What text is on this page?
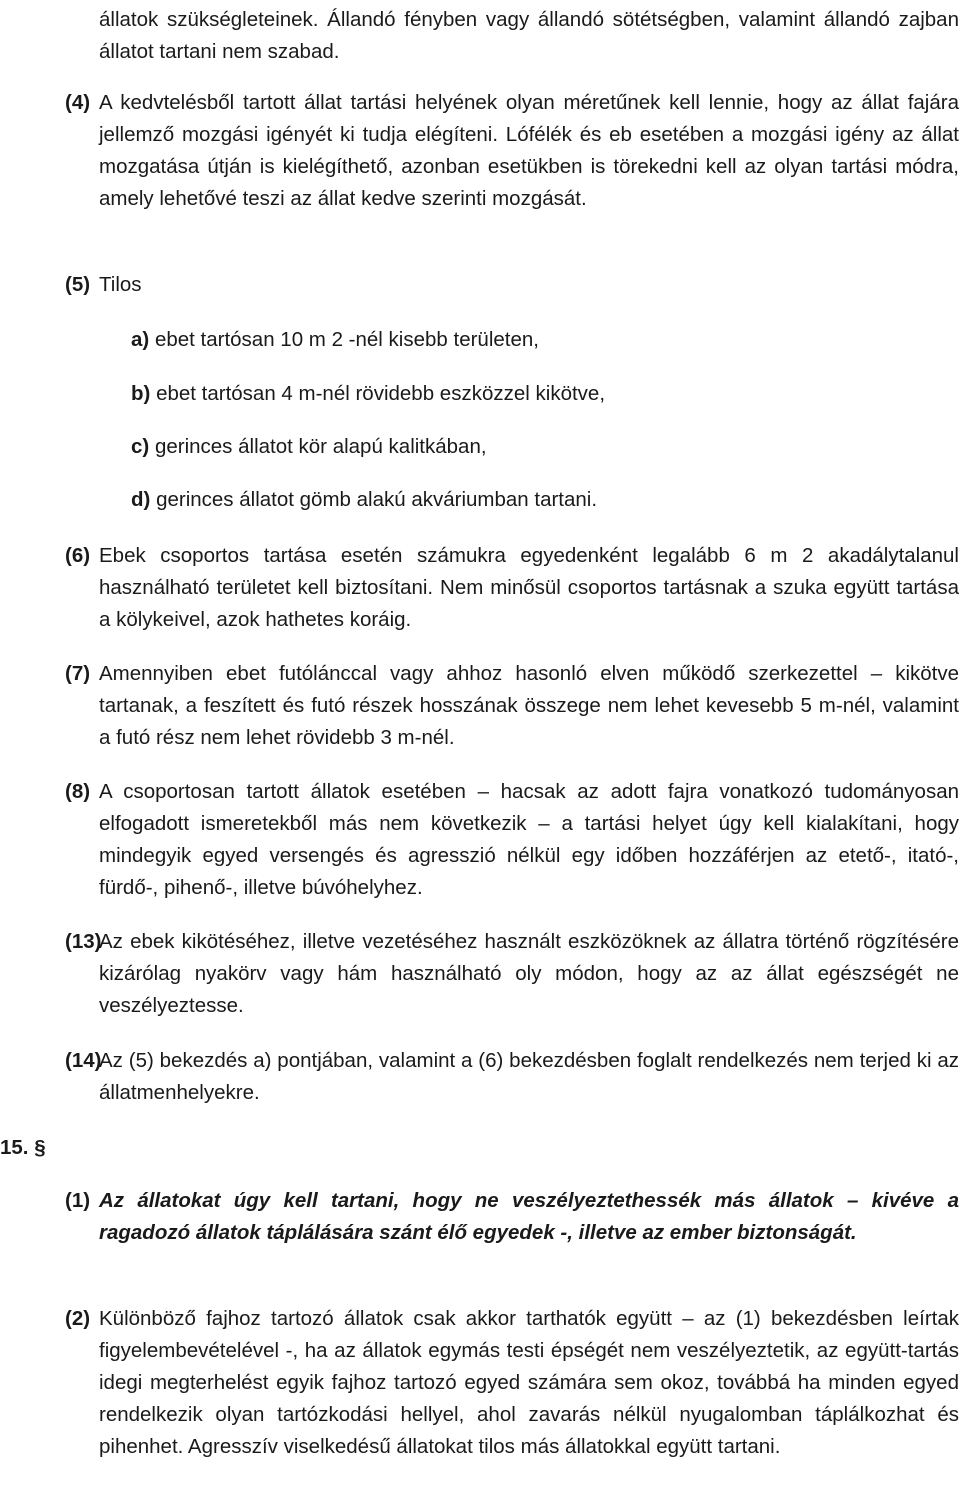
állatok szükségleteinek. Állandó fényben vagy állandó sötétségben, valamint állandó zajban állatot tartani nem szabad.

(4) A kedvtelésből tartott állat tartási helyének olyan méretűnek kell lennie, hogy az állat fajára jellemző mozgási igényét ki tudja elégíteni. Lófélék és eb esetében a mozgási igény az állat mozgatása útján is kielégíthető, azonban esetükben is törekedni kell az olyan tartási módra, amely lehetővé teszi az állat kedve szerinti mozgását.

(5) Tilos

a) ebet tartósan 10 m 2 -nél kisebb területen,

b) ebet tartósan 4 m-nél rövidebb eszközzel kikötve,

c) gerinces állatot kör alapú kalitkában,

d) gerinces állatot gömb alakú akváriumban tartani.

(6) Ebek csoportos tartása esetén számukra egyedenként legalább 6 m 2 akadálytalanul használható területet kell biztosítani. Nem minősül csoportos tartásnak a szuka együtt tartása a kölykeivel, azok hathetes koráig.

(7) Amennyiben ebet futólánccal vagy ahhoz hasonló elven működő szerkezettel – kikötve tartanak, a feszített és futó részek hosszának összege nem lehet kevesebb 5 m-nél, valamint a futó rész nem lehet rövidebb 3 m-nél.

(8) A csoportosan tartott állatok esetében – hacsak az adott fajra vonatkozó tudományosan elfogadott ismeretekből más nem következik – a tartási helyet úgy kell kialakítani, hogy mindegyik egyed versengés és agresszió nélkül egy időben hozzáférjen az etető-, itató-, fürdő-, pihenő-, illetve búvóhelyhez.

(13)
Az ebek kikötéséhez, illetve vezetéséhez használt eszközöknek az állatra történő rögzítésére kizárólag nyakörv vagy hám használható oly módon, hogy az az állat egészségét ne veszélyeztesse.

(14)
Az (5) bekezdés a) pontjában, valamint a (6) bekezdésben foglalt rendelkezés nem terjed ki az állatmenhelyekre.

15. §

(1) Az állatokat úgy kell tartani, hogy ne veszélyeztethessék más állatok – kivéve a ragadozó állatok táplálására szánt élő egyedek -, illetve az ember biztonságát.

(2) Különböző fajhoz tartozó állatok csak akkor tarthatók együtt – az (1) bekezdésben leírtak figyelembevételével -, ha az állatok egymás testi épségét nem veszélyeztetik, az együtt-tartás idegi megterhelést egyik fajhoz tartozó egyed számára sem okoz, továbbá ha minden egyed rendelkezik olyan tartózkodási hellyel, ahol zavarás nélkül nyugalomban táplálkozhat és pihenhet. Agresszív viselkedésű állatokat tilos más állatokkal együtt tartani.
